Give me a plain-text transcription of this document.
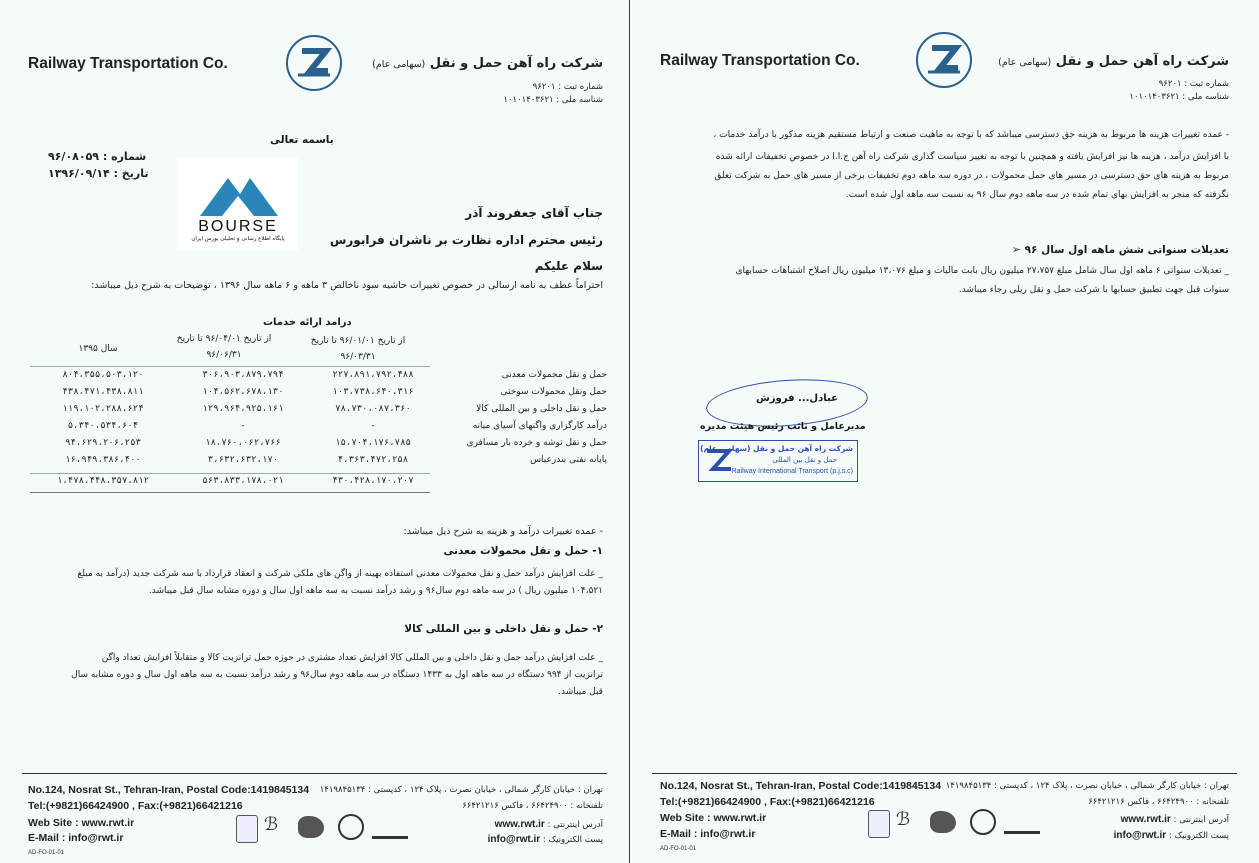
Railway Transportation Co.	شرکت راه آهن حمل و نقل (سهامی عام)
شماره ثبت : ۹۶۲۰۱
شناسه ملی : ۱۰۱۰۱۴۰۳۶۲۱
باسمه تعالی
شماره : ۹۶/۰۸۰۵۹
تاریخ : ۱۳۹۶/۰۹/۱۴
BOURSE
پایگاه اطلاع رسانی و تحلیلی بورس ایران
جناب آقای جعفروند آذر
رئیس محترم اداره نظارت بر ناشران فرابورس
سلام علیکم
احتراماً عطف به نامه ارسالی در خصوص تغییرات حاشیه سود ناخالص ۳ ماهه و ۶ ماهه سال ۱۳۹۶ ، توضیحات به شرح ذیل میباشد:
درامد ارائه خدمات
از تاریخ ۹۶/۰۱/۰۱ تا تاریخ
۹۶/۰۳/۳۱
از تاریخ ۹۶/۰۴/۰۱ تا تاریخ
۹۶/۰۶/۳۱
سال ۱۳۹۵
حمل و نقل محمولات معدنی
۲۲۷،۸۹۱،۷۹۲،۴۸۸
۳۰۶،۹۰۳،۸۷۹،۷۹۴
۸۰۴،۳۵۵،۵۰۳،۱۲۰
حمل ونقل محمولات سوختی
۱۰۳،۷۳۸،۶۴۰،۳۱۶
۱۰۴،۵۶۲،۶۷۸،۱۳۰
۴۳۸،۴۷۱،۴۳۸،۸۱۱
حمل و نقل داخلی و بین المللی کالا
۷۸،۷۳۰،۰۸۷،۳۶۰
۱۲۹،۹۶۴،۹۲۵،۱۶۱
۱۱۹،۱۰۲،۲۸۸،۶۲۴
درآمد کارگزاری واگنهای آسیای میانه
-
-
۵،۳۴۰،۵۳۴،۶۰۴
حمل و نقل توشه و خرده بار مسافری
۱۵،۷۰۴،۱۷۶،۷۸۵
۱۸،۷۶۰،۰۶۲،۷۶۶
۹۴،۶۲۹،۲۰۶،۲۵۳
پایانه نفتی بندرعباس
۴،۳۶۳،۴۷۲،۲۵۸
۳،۶۳۲،۶۳۲،۱۷۰
۱۶،۹۴۹،۳۸۶،۴۰۰
۴۳۰،۴۲۸،۱۷۰،۲۰۷
۵۶۳،۸۳۳،۱۷۸،۰۲۱
۱،۴۷۸،۴۴۸،۳۵۷،۸۱۲
- عمده تغییرات درآمد و هزینه به شرح ذیل میباشد:
۱- حمل و نقل محمولات معدنی
_ علت افزایش درآمد حمل و نقل محمولات معدنی استفاده بهینه از واگن های ملکی شرکت و انعقاد قرارداد با سه شرکت جدید (درآمد به مبلغ
۱۰۴،۵۲۱ میلیون ریال ) در سه ماهه دوم سال۹۶ و رشد درآمد نسبت به سه ماهه اول سال و دوره مشابه سال قبل میباشد.
۲- حمل و نقل داخلی و بین المللی کالا
_ علت افزایش درآمد حمل و نقل داخلی و بین المللی کالا افزایش تعداد مشتری در حوزه حمل ترانزیت کالا و متقابلاً افزایش تعداد واگن
ترانزیت از ۹۹۴ دستگاه در سه ماهه اول به ۱۴۳۳ دستگاه در سه ماهه دوم سال۹۶ و رشد درآمد نسبت به سه ماهه اول سال و دوره مشابه سال
قبل میباشد.
No.124, Nosrat St., Tehran-Iran, Postal Code:1419845134
Tel:(+9821)66424900 , Fax:(+9821)66421216
Web Site : www.rwt.ir
E-Mail : info@rwt.ir
تهران : خیابان کارگر شمالی ، خیابان نصرت ، پلاک ۱۲۴ ، کدپستی : ۱۴۱۹۸۴۵۱۳۴
تلفنخانه : ۶۶۴۲۴۹۰۰ ، فاکس ۶۶۴۲۱۲۱۶
آدرس اینترنتی : www.rwt.ir
پست الکترونیک : info@rwt.ir
ℬ
AD-FO-01-01
Railway Transportation Co.	شرکت راه آهن حمل و نقل (سهامی عام)
شماره ثبت : ۹۶۲۰۱
شناسه ملی : ۱۰۱۰۱۴۰۳۶۲۱
- عمده تغییرات هزینه ها مربوط به هزینه حق دسترسی میباشد که با توجه به ماهیت صنعت و ارتباط مستقیم هزینه مذکور با درآمد خدمات ،
با افزایش درآمد ، هزینه ها نیز افزایش یافته و همچنین با توجه به تغییر سیاست گذاری شرکت راه آهن ج.ا.ا در خصوص تخفیفات ارائه شده
مربوط به هزینه های حق دسترسی در مسیر های حمل محمولات ، در دوره سه ماهه دوم تخفیفات برخی از مسیر های حمل به شرکت تعلق
نگرفته که منجر به افزایش بهای تمام شده در سه ماهه دوم سال ۹۶ به نسبت سه ماهه اول شده است.
تعدیلات سنواتی شش ماهه اول سال ۹۶ ➢
_ تعدیلات سنواتی ۶ ماهه اول سال شامل مبلغ ۲۷،۷۵۷ میلیون ریال بابت مالیات و مبلغ ۱۳،۰۷۶ میلیون ریال اصلاح اشتباهات حسابهای
سنوات قبل جهت تطبیق حسابها با شرکت حمل و نقل ریلی رجاء میباشد.
عبادل... فروزش
مدیرعامل و نائب رئیس هیئت مدیره
شرکت راه آهن حمل و نقل (سهامی عام)
حمل و نقل بین المللی
Railway International Transport (p.j.s.c)
No.124, Nosrat St., Tehran-Iran, Postal Code:1419845134
Tel:(+9821)66424900 , Fax:(+9821)66421216
Web Site : www.rwt.ir
E-Mail : info@rwt.ir
تهران : خیابان کارگر شمالی ، خیابان نصرت ، پلاک ۱۲۴ ، کدپستی : ۱۴۱۹۸۴۵۱۳۴
تلفنخانه : ۶۶۴۲۴۹۰۰ ، فاکس ۶۶۴۲۱۲۱۶
آدرس اینترنتی : www.rwt.ir
پست الکترونیک : info@rwt.ir
ℬ
AD-FO-01-01
